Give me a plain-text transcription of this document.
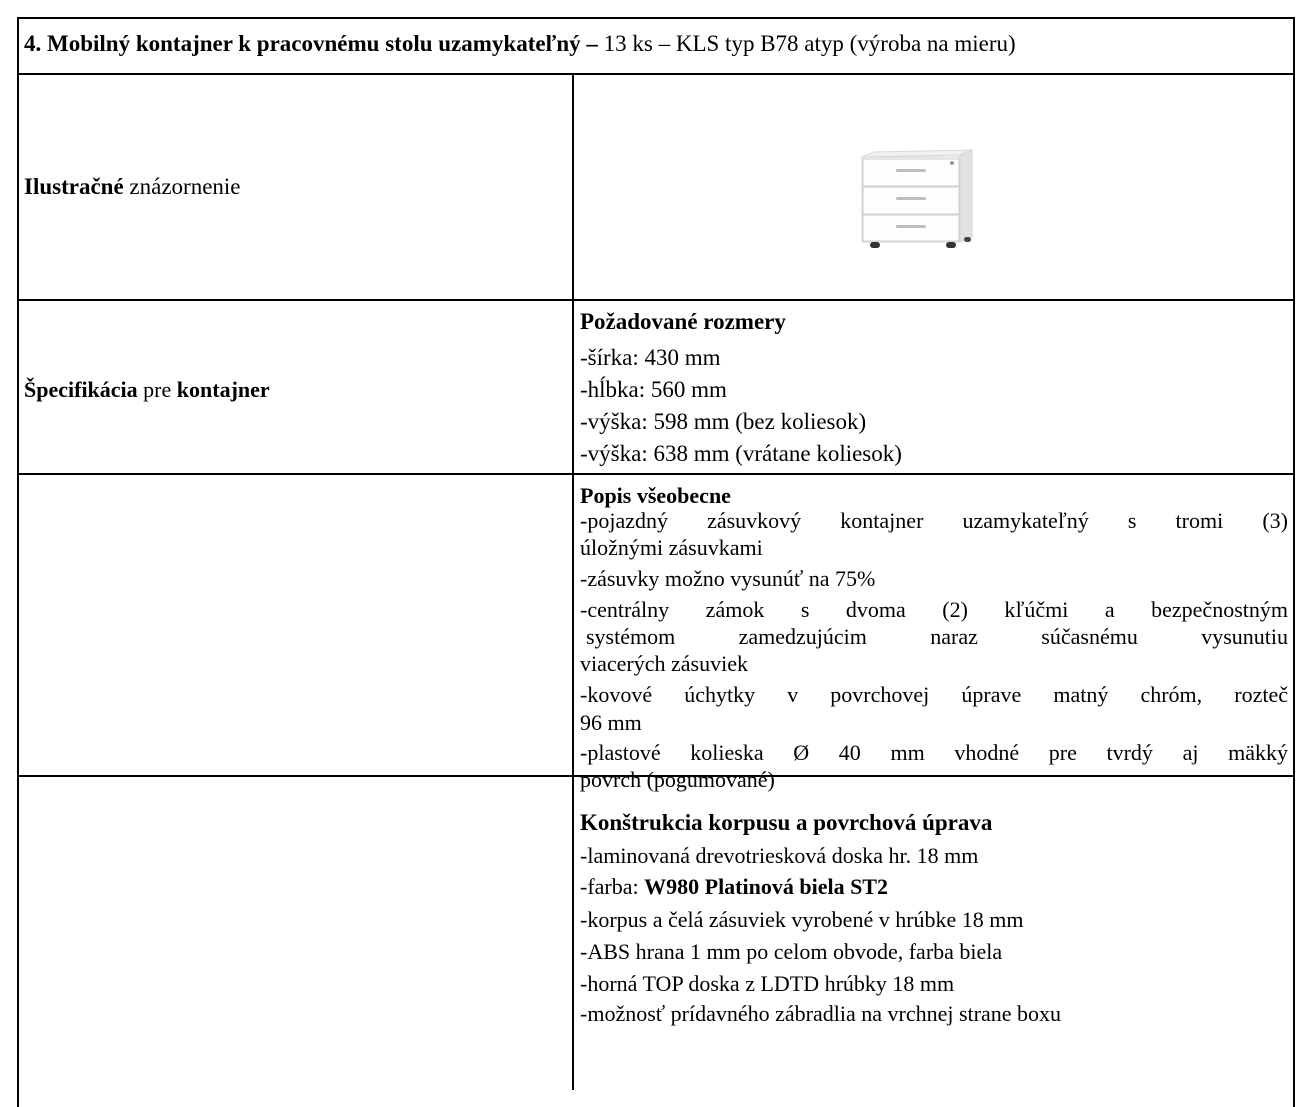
4. Mobilný kontajner k pracovnému stolu uzamykateľný – 13 ks – KLS typ B78 atyp (výroba na mieru)
Ilustračné znázornenie
Špecifikácia pre kontajner
Požadované rozmery
-šírka: 430 mm
-hĺbka: 560 mm
-výška: 598 mm (bez koliesok)
-výška: 638 mm (vrátane koliesok)
Popis všeobecne
-pojazdný zásuvkový kontajner uzamykateľný s tromi (3)
úložnými zásuvkami
-zásuvky možno vysunúť na 75%
-centrálny zámok s dvoma (2) kľúčmi a bezpečnostným
systémom zamedzujúcim naraz súčasnému vysunutiu
viacerých zásuviek
-kovové úchytky v povrchovej úprave matný chróm, rozteč
96 mm
-plastové kolieska Ø 40 mm vhodné pre tvrdý aj mäkký
povrch (pogumované)
Konštrukcia korpusu a povrchová úprava
-laminovaná drevotriesková doska hr. 18 mm
-farba: W980 Platinová biela ST2
-korpus a čelá zásuviek vyrobené v hrúbke 18 mm
-ABS hrana 1 mm po celom obvode, farba biela
-horná TOP doska z LDTD hrúbky 18 mm
-možnosť prídavného zábradlia na vrchnej strane boxu
